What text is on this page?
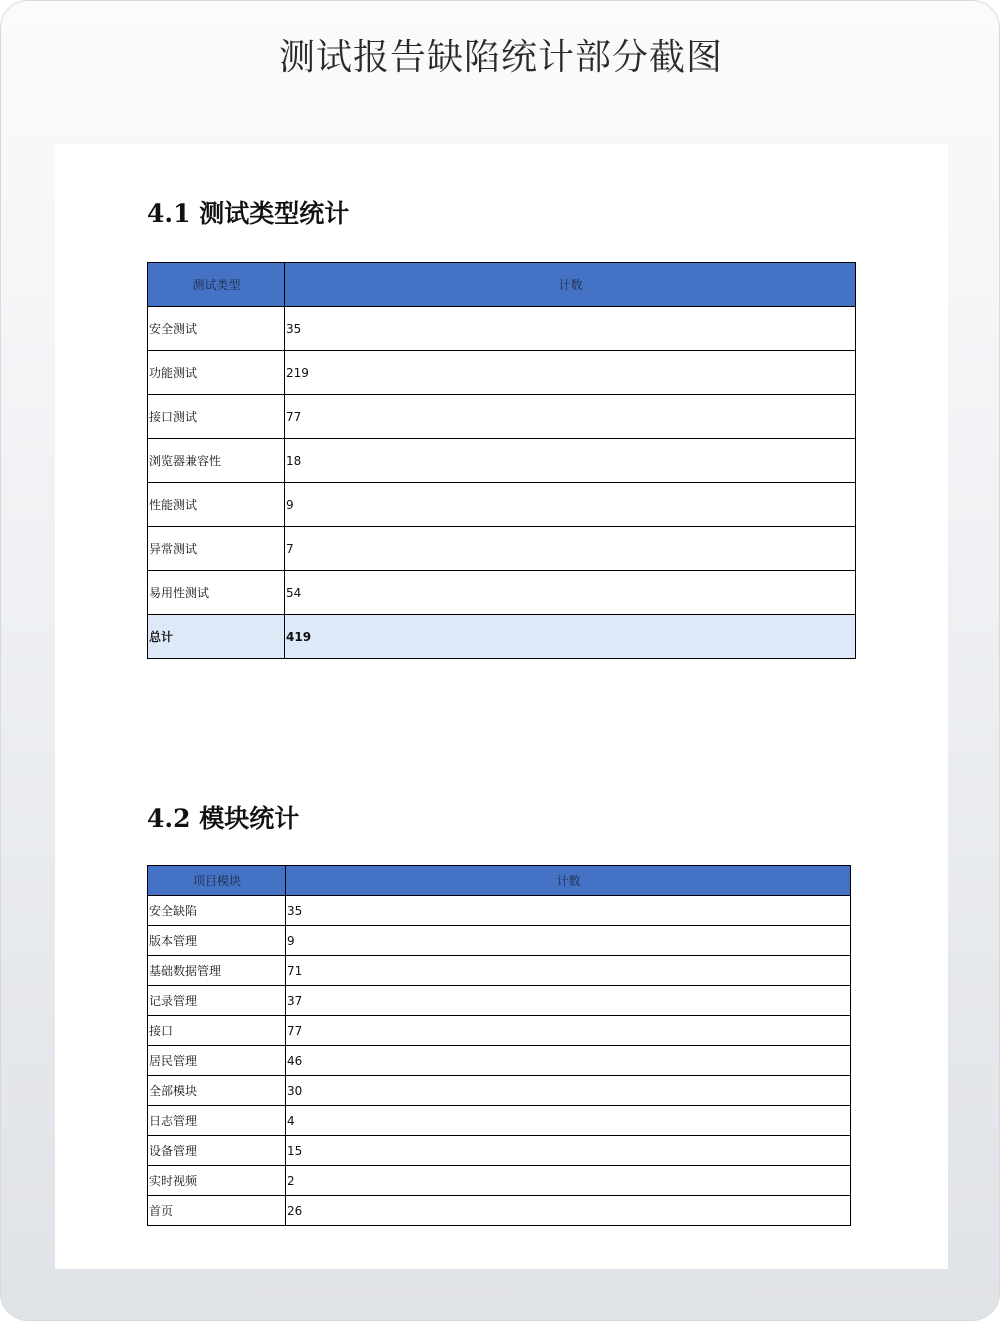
测试报告缺陷统计部分截图
4.1 测试类型统计
测试类型	计数
安全测试	35
功能测试	219
接口测试	77
浏览器兼容性	18
性能测试	9
异常测试	7
易用性测试	54
总计	419
4.2 模块统计
项目模块	计数
安全缺陷	35
版本管理	9
基础数据管理	71
记录管理	37
接口	77
居民管理	46
全部模块	30
日志管理	4
设备管理	15
实时视频	2
首页	26
